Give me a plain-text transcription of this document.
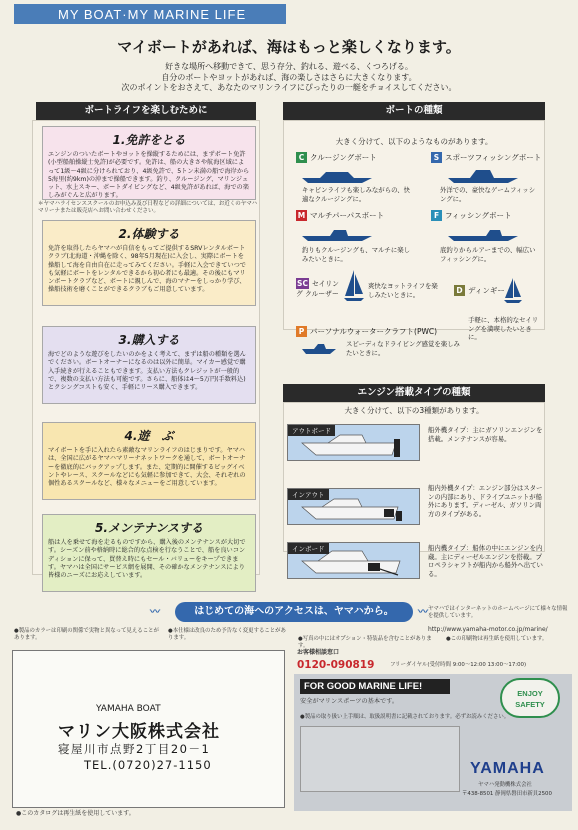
MY BOAT·MY MARINE LIFE
マイボートがあれば、海はもっと楽しくなります。
好きな場所へ移動できて、思う存分、釣れる、遊べる、くつろげる。
自分のボートやヨットがあれば、海の楽しさはさらに大きくなります。
次のポイントをおさえて、あなたのマリンライフにぴったりの一艇をチョイスしてください。
ボートライフを楽しむために
1.免許をとる
エンジンのついたボートやヨットを操縦するためには、まずボート免許(小型船舶操縦士免許)が必要です。免許は、船の大きさや航海区域によって1級～4級に分けられており、4級免許で、5トン未満の船で海岸から5海里(約9km)の沖まで操船できます。釣り、クルージング、マリンジェット、水上スキー、ボートダイビングなど、4級免許があれば、海での楽しみがぐんと広がります。
＊ヤマハライセンススクールのお申込み及び日程などの詳細については、お近くのヤマハマリーナまたは販売店へお問い合わせください。
2.体験する
免許を取得したらヤマハが自信をもってご提供するSRVレンタルボートクラブ(北海道・沖縄を除く、98年5月現在)に入会し、実際にボートを操船して海を自由自在に走ってみてください。手軽に入会できていつでも気軽にボートをレンタルできるから初心者にも最適。その後にもマリンボートクラブなど、ボートに親しんで、海のマナーをしっかり学び、操船技術を磨くことができるクラブもご用意しています。
3.購入する
海でどのような遊びをしたいのかをよく考えて、まずは船の種類を選んでください。ボートオーナーになるのは以外に簡単。マイカー感覚で購入手続きが行えることもできます。支払い方法もクレジットが一般的で、複数の支払い方法も可能です。さらに、船体は4～5万円(手数料込)とクシングコストも安く、手軽にリース購入できます。
4.遊　ぶ
マイボートを手に入れたら素敵なマリンライフのはじまりです。ヤマハは、全国に広がるヤマハマリーナネットワークを通して、ボートオーナーを徹底的にバックアップします。また、定期的に開催するビッグイベントやレース、スクールなどにも気軽に参加できて、大会、それぞれの個性あるスクールなど、様々なメニューをご用意しています。
5.メンテナンスする
船は人を乗せて海を走るものですから、購入後のメンテナンスが大切です。シーズン前や格納時に総合的な点検を行なうことで、船を良いコンディションに保って、買替え時にもセール・バリューをキープできます。ヤマハは全国にサービス網を展開、その確かなメンテナンスにより皆様のニーズにお応えしています。
ボートの種類
大きく分けて、以下のようなものがあります。
C クルージングボート
キャビンライフも楽しみながらの、快適なクルージングに。
S スポーツフィッシングボート
外洋での、豪快なゲームフィッシングに。
M マルチパーパスボート
釣りもクルージングも、マルチに楽しみたいときに。
F フィッシングボート
底釣りからルアーまでの、幅広いフィッシングに。
SC セイリング クルーザー
爽快なヨットライフを楽しみたいときに。	D ディンギー
手軽に、本格的なセイリングを満喫したいときに。
P パーソナルウォータークラフト(PWC)
スピーディなドライビング感覚を楽しみたいときに。
エンジン搭載タイプの種類
大きく分けて、以下の3種類があります。
アウトボード	船外機タイプ：主にガソリンエンジンを搭載。メンテナンスが容易。
インアウト
船内外機タイプ：エンジン部分はスターンの内部にあり、ドライブユニットが船外にあります。ディーゼル、ガソリン両方のタイプがある。
インボード	船内機タイプ：船体の中にエンジンを内蔵。主にディーゼルエンジンを搭載。プロペラシャフトが船内から船外へ出ている。
〰	はじめての海へのアクセスは、ヤマハから。	〰 ヤマハではインターネットのホームページにて様々な情報を提供しています。
http://www.yamaha-motor.co.jp/marine/
●製品のカラーは印刷の関係で実物と異なって見えることがあります。
●本仕様は改良のため予告なく変更することがあります。	●写真の中にはオプション・特装品を含むことがあります。
●この印刷物は再生紙を使用しています。
お客様相談窓口
0120-090819	フリーダイヤル(受付時間 9:00～12:00 13:00～17:00)
YAMAHA BOAT
マリン大阪株式会社
寝屋川市点野2丁目20－1
TEL.(0720)27-1150
●このカタログは再生紙を使用しています。
FOR GOOD MARINE LIFE!
安全がマリンスポーツの基本です。
●製品の取り扱い上手順は、取扱説明書に記載されております。必ずお読みください。
ENJOY
SAFETY
YAMAHA
ヤマハ発動機株式会社
〒438-8501 静岡県磐田市新貝2500
